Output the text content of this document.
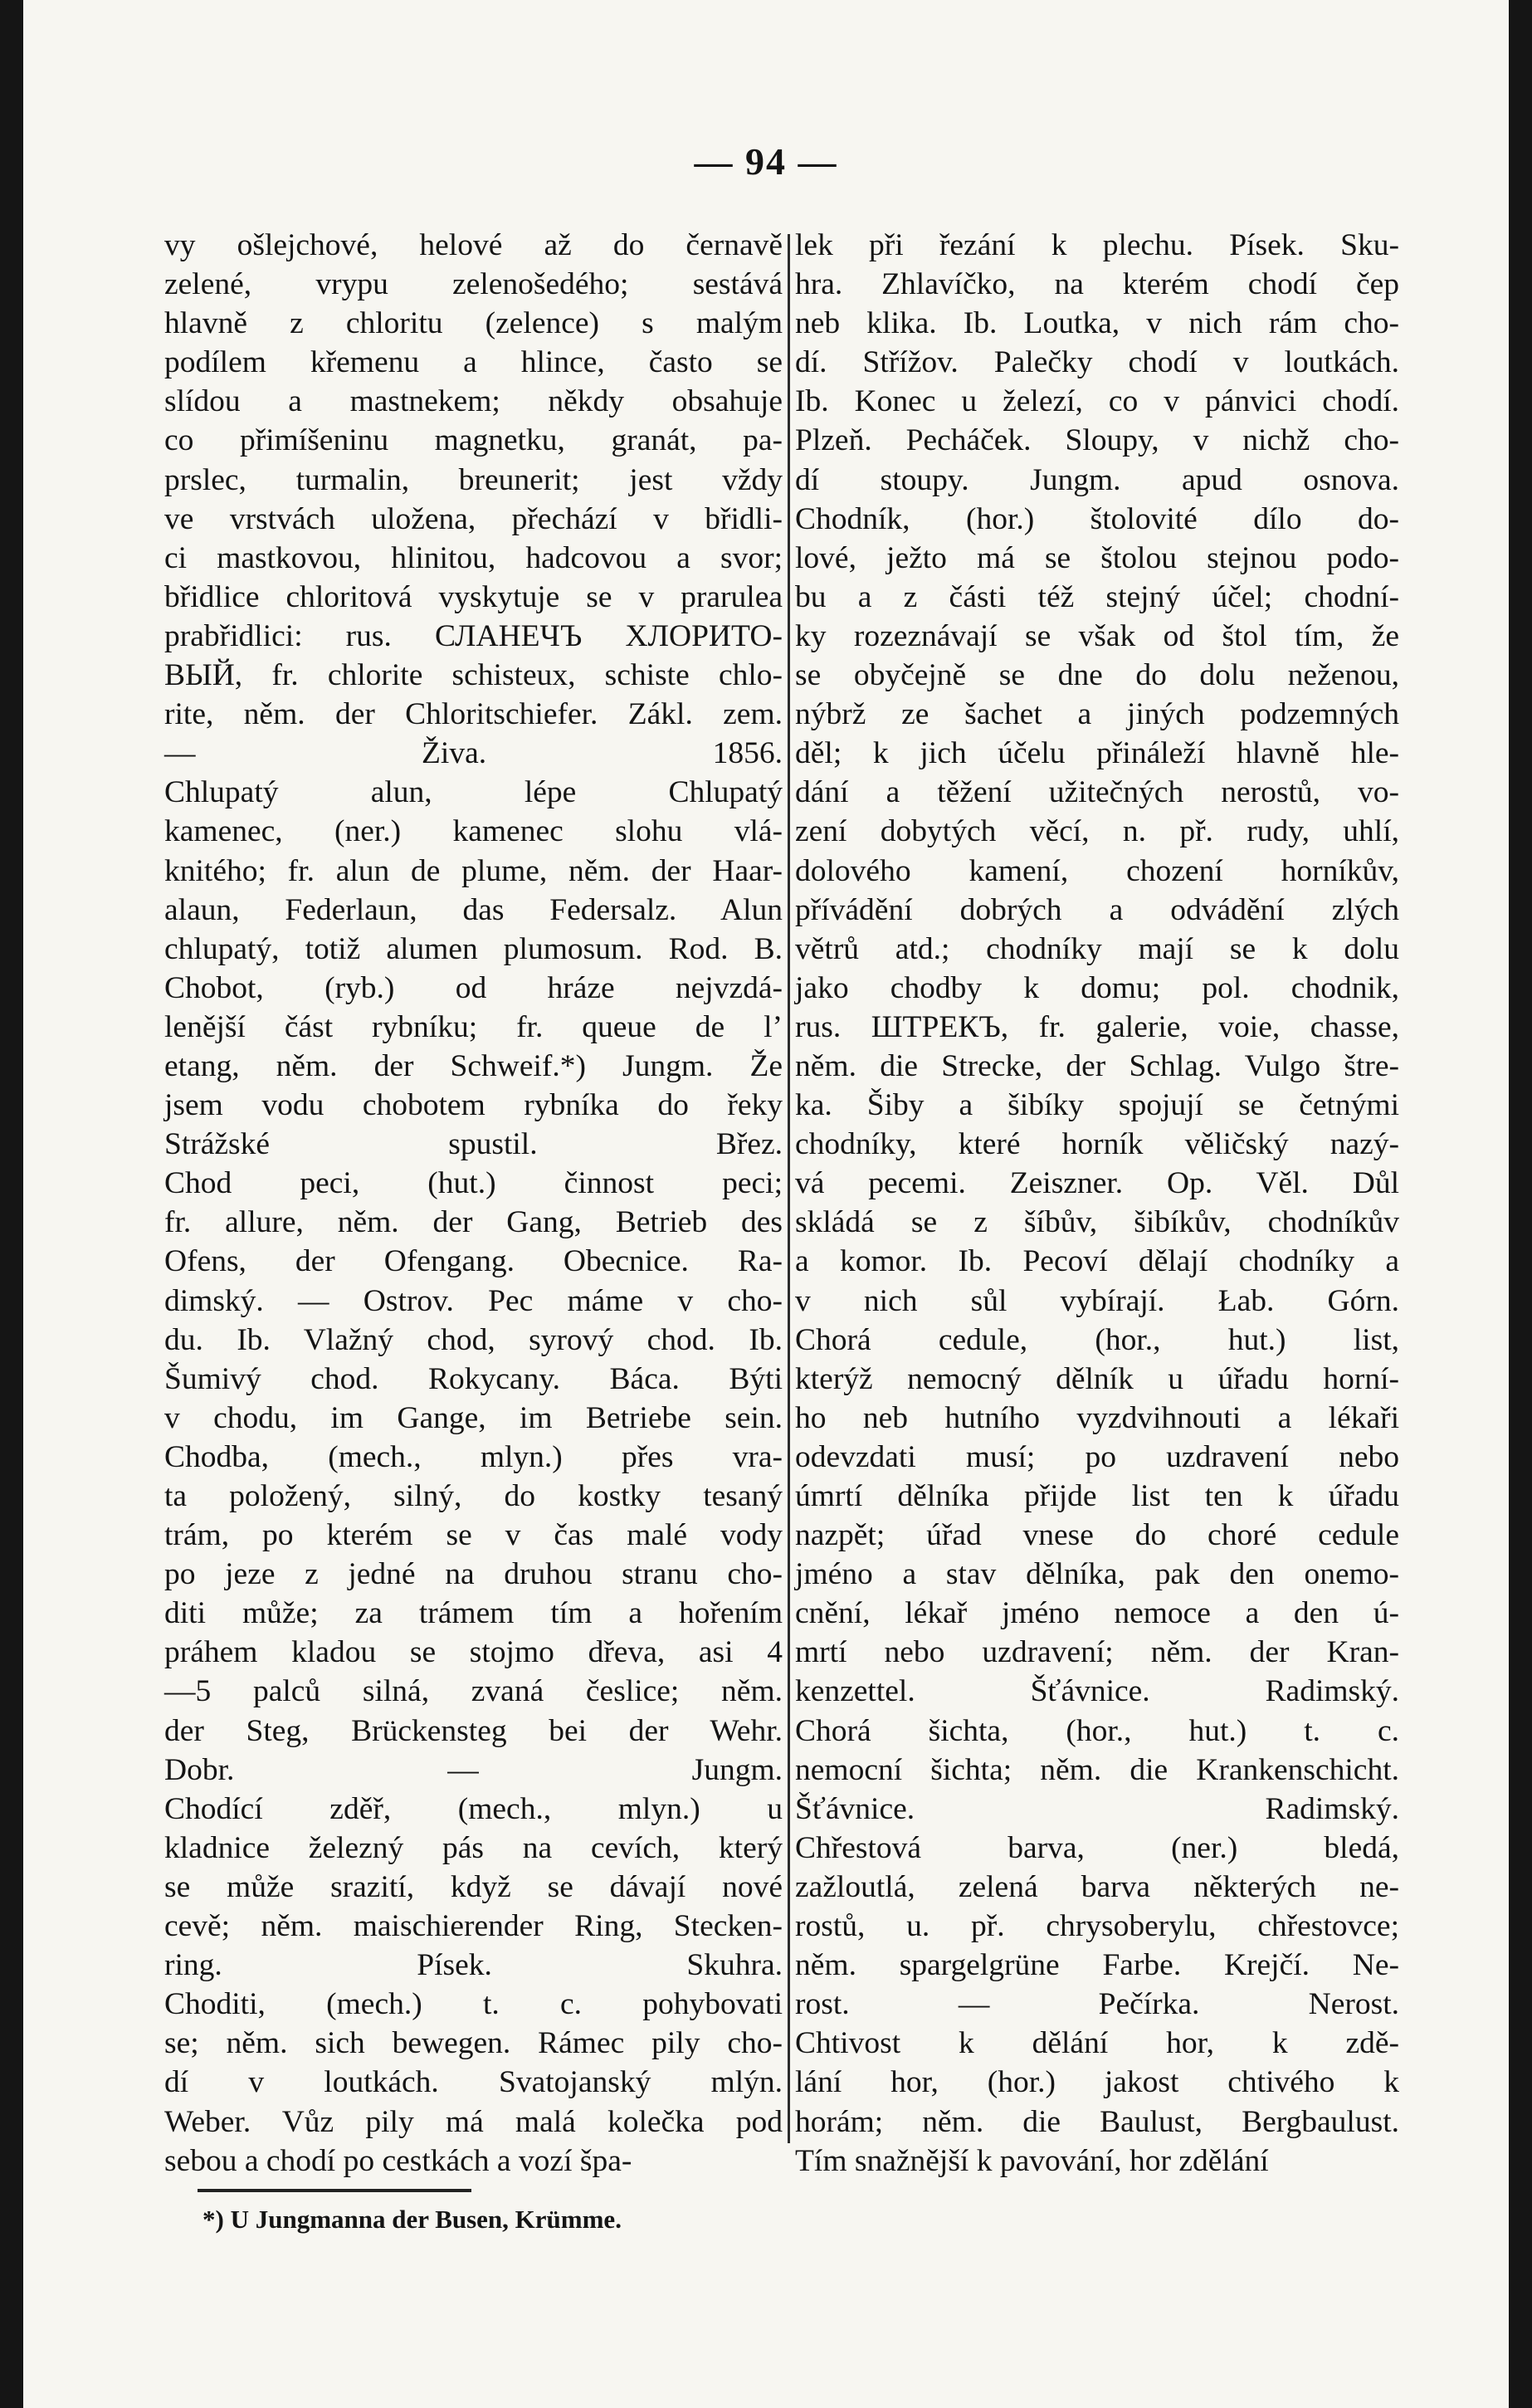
— 94 —
vy ošlejchové, helové až do černavě
zelené, vrypu zelenošedého; sestává
hlavně z chloritu (zelence) s malým
podílem křemenu a hlince, často se
slídou a mastnekem; někdy obsahuje
co přimíšeninu magnetku, granát, pa-
prslec, turmalin, breunerit; jest vždy
ve vrstvách uložena, přechází v břidli-
ci mastkovou, hlinitou, hadcovou a svor;
břidlice chloritová vyskytuje se v prarulea
prabřidlici: rus. СЛАНЕЧЪ ХЛОРИТО-
ВЫЙ, fr. chlorite schisteux, schiste chlo-
rite, něm. der Chloritschiefer. Zákl. zem.
— Živa. 1856.
Chlupatý alun, lépe Chlupatý
kamenec, (ner.) kamenec slohu vlá-
knitého; fr. alun de plume, něm. der Haar-
alaun, Federlaun, das Federsalz. Alun
chlupatý, totiž alumen plumosum. Rod. B.
Chobot, (ryb.) od hráze nejvzdá-
lenější část rybníku; fr. queue de l’
etang, něm. der Schweif.*) Jungm. Že
jsem vodu chobotem rybníka do řeky
Strážské spustil. Břez.
Chod peci, (hut.) činnost peci;
fr. allure, něm. der Gang, Betrieb des
Ofens, der Ofengang. Obecnice. Ra-
dimský. — Ostrov. Pec máme v cho-
du. Ib. Vlažný chod, syrový chod. Ib.
Šumivý chod. Rokycany. Báca. Býti
v chodu, im Gange, im Betriebe sein.
Chodba, (mech., mlyn.) přes vra-
ta položený, silný, do kostky tesaný
trám, po kterém se v čas malé vody
po jeze z jedné na druhou stranu cho-
diti může; za trámem tím a hořením
práhem kladou se stojmo dřeva, asi 4
—5 palců silná, zvaná česlice; něm.
der Steg, Brückensteg bei der Wehr.
Dobr. — Jungm.
Chodící zděř, (mech., mlyn.) u
kladnice železný pás na cevích, který
se může srazití, když se dávají nové
cevě; něm. maischierender Ring, Stecken-
ring. Písek. Skuhra.
Choditi, (mech.) t. c. pohybovati
se; něm. sich bewegen. Rámec pily cho-
dí v loutkách. Svatojanský mlýn.
Weber. Vůz pily má malá kolečka pod
sebou a chodí po cestkách a vozí špa-
lek při řezání k plechu. Písek. Sku-
hra. Zhlavíčko, na kterém chodí čep
neb klika. Ib. Loutka, v nich rám cho-
dí. Střížov. Palečky chodí v loutkách.
Ib. Konec u železí, co v pánvici chodí.
Plzeň. Pecháček. Sloupy, v nichž cho-
dí stoupy. Jungm. apud osnova.
Chodník, (hor.) štolovité dílo do-
lové, ježto má se štolou stejnou podo-
bu a z části též stejný účel; chodní-
ky rozeznávají se však od štol tím, že
se obyčejně se dne do dolu neženou,
nýbrž ze šachet a jiných podzemných
děl; k jich účelu přináleží hlavně hle-
dání a těžení užitečných nerostů, vo-
zení dobytých věcí, n. př. rudy, uhlí,
dolového kamení, chození horníkův,
přívádění dobrých a odvádění zlých
větrů atd.; chodníky mají se k dolu
jako chodby k domu; pol. chodnik,
rus. ШТРЕКЪ, fr. galerie, voie, chasse,
něm. die Strecke, der Schlag. Vulgo štre-
ka. Šiby a šibíky spojují se četnými
chodníky, které horník věličský nazý-
vá pecemi. Zeiszner. Op. Věl. Důl
skládá se z šíbův, šibíkův, chodníkův
a komor. Ib. Pecoví dělají chodníky a
v nich sůl vybírají. Łab. Górn.
Chorá cedule, (hor., hut.) list,
kterýž nemocný dělník u úřadu horní-
ho neb hutního vyzdvihnouti a lékaři
odevzdati musí; po uzdravení nebo
úmrtí dělníka přijde list ten k úřadu
nazpět; úřad vnese do choré cedule
jméno a stav dělníka, pak den onemo-
cnění, lékař jméno nemoce a den ú-
mrtí nebo uzdravení; něm. der Kran-
kenzettel. Šťávnice. Radimský.
Chorá šichta, (hor., hut.) t. c.
nemocní šichta; něm. die Krankenschicht.
Šťávnice. Radimský.
Chřestová barva, (ner.) bledá,
zažloutlá, zelená barva některých ne-
rostů, u. př. chrysoberylu, chřestovce;
něm. spargelgrüne Farbe. Krejčí. Ne-
rost. — Pečírka. Nerost.
Chtivost k dělání hor, k zdě-
lání hor, (hor.) jakost chtivého k
horám; něm. die Baulust, Bergbaulust.
Tím snažnější k pavování, hor zdělání
*) U Jungmanna der Busen, Krümme.
